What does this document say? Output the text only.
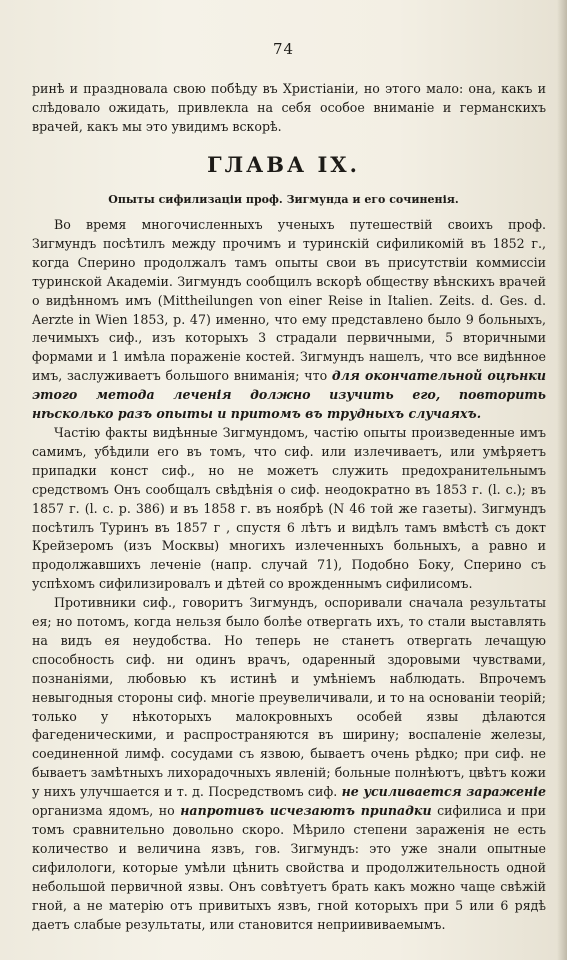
74

ринѣ и праздновала свою побѣду въ Христіаніи, но этого мало: она, какъ и слѣдовало ожидать, привлекла на себя особое вниманіе и германскихъ врачей, какъ мы это увидимъ вскорѣ.

ГЛАВА IX.
Опыты сифилизаціи проф. Зигмунда и его сочиненія.

Во время многочисленныхъ ученыхъ путешествій своихъ проф. Зигмундъ посѣтилъ между прочимъ и туринскій сифиликомій въ 1852 г., когда Сперино продолжалъ тамъ опыты свои въ присутствіи коммиссіи туринской Академіи. Зигмундъ сообщилъ вскорѣ обществу вѣнскихъ врачей о видѣнномъ имъ (Mittheilungen von einer Reise in Italien. Zeits. d. Ges. d. Aerzte in Wien 1853, p. 47) именно, что ему представлено было 9 больныхъ, лечимыхъ сиф., изъ которыхъ 3 страдали первичными, 5 вторичными формами и 1 имѣла пораженіе костей. Зигмундъ нашелъ, что все видѣнное имъ, заслуживаетъ большого вниманія; что для окончательной оцѣнки этого метода леченія должно изучить его, повторить нѣсколько разъ опыты и притомъ въ трудныхъ случаяхъ.

Частію факты видѣнные Зигмундомъ, частію опыты произведенные имъ самимъ, убѣдили его въ томъ, что сиф. или излечиваетъ, или умѣряетъ припадки конст сиф., но не можетъ служить предохранительнымъ средствомъ Онъ сообщалъ свѣдѣнія о сиф. неодократно въ 1853 г. (l. c.); въ 1857 г. (l. c. p. 386) и въ 1858 г. въ ноябрѣ (N 46 той же газеты). Зигмундъ посѣтилъ Туринъ въ 1857 г , спустя 6 лѣтъ и видѣлъ тамъ вмѣстѣ съ докт Крейзеромъ (изъ Москвы) многихъ излеченныхъ больныхъ, а равно и продолжавшихъ леченіе (напр. случай 71), Подобно Боку, Сперино съ успѣхомъ сифилизировалъ и дѣтей со врожденнымъ сифилисомъ.

Противники сиф., говоритъ Зигмундъ, оспоривали сначала результаты ея; но потомъ, когда нельзя было болѣе отвергать ихъ, то стали выставлять на видъ ея неудобства. Но теперь не станетъ отвергать лечащую способность сиф. ни одинъ врачъ, одаренный здоровыми чувствами, познаніями, любовью къ истинѣ и умѣніемъ наблюдать. Впрочемъ невыгодныя стороны сиф. многіе преувеличивали, и то на основаніи теорій; только у нѣкоторыхъ малокровныхъ особей язвы дѣлаются фагеденическими, и распространяются въ ширину; воспаленіе железы, соединенной лимф. сосудами съ язвою, бываетъ очень рѣдко; при сиф. не бываетъ замѣтныхъ лихорадочныхъ явленій; больные полнѣютъ, цвѣтъ кожи у нихъ улучшается и т. д. Посредствомъ сиф. не усиливается зараженіе организма ядомъ, но напротивъ исчезаютъ припадки сифилиса и при томъ сравнительно довольно скоро. Мѣрило степени зараженія не есть количество и величина язвъ, гов. Зигмундъ: это уже знали опытные сифилологи, которые умѣли цѣнить свойства и продолжительность одной небольшой первичной язвы. Онъ совѣтуетъ брать какъ можно чаще свѣжій гной, а не матерію отъ привитыхъ язвъ, гной которыхъ при 5 или 6 рядѣ даетъ слабые результаты, или становится неприививаемымъ.
